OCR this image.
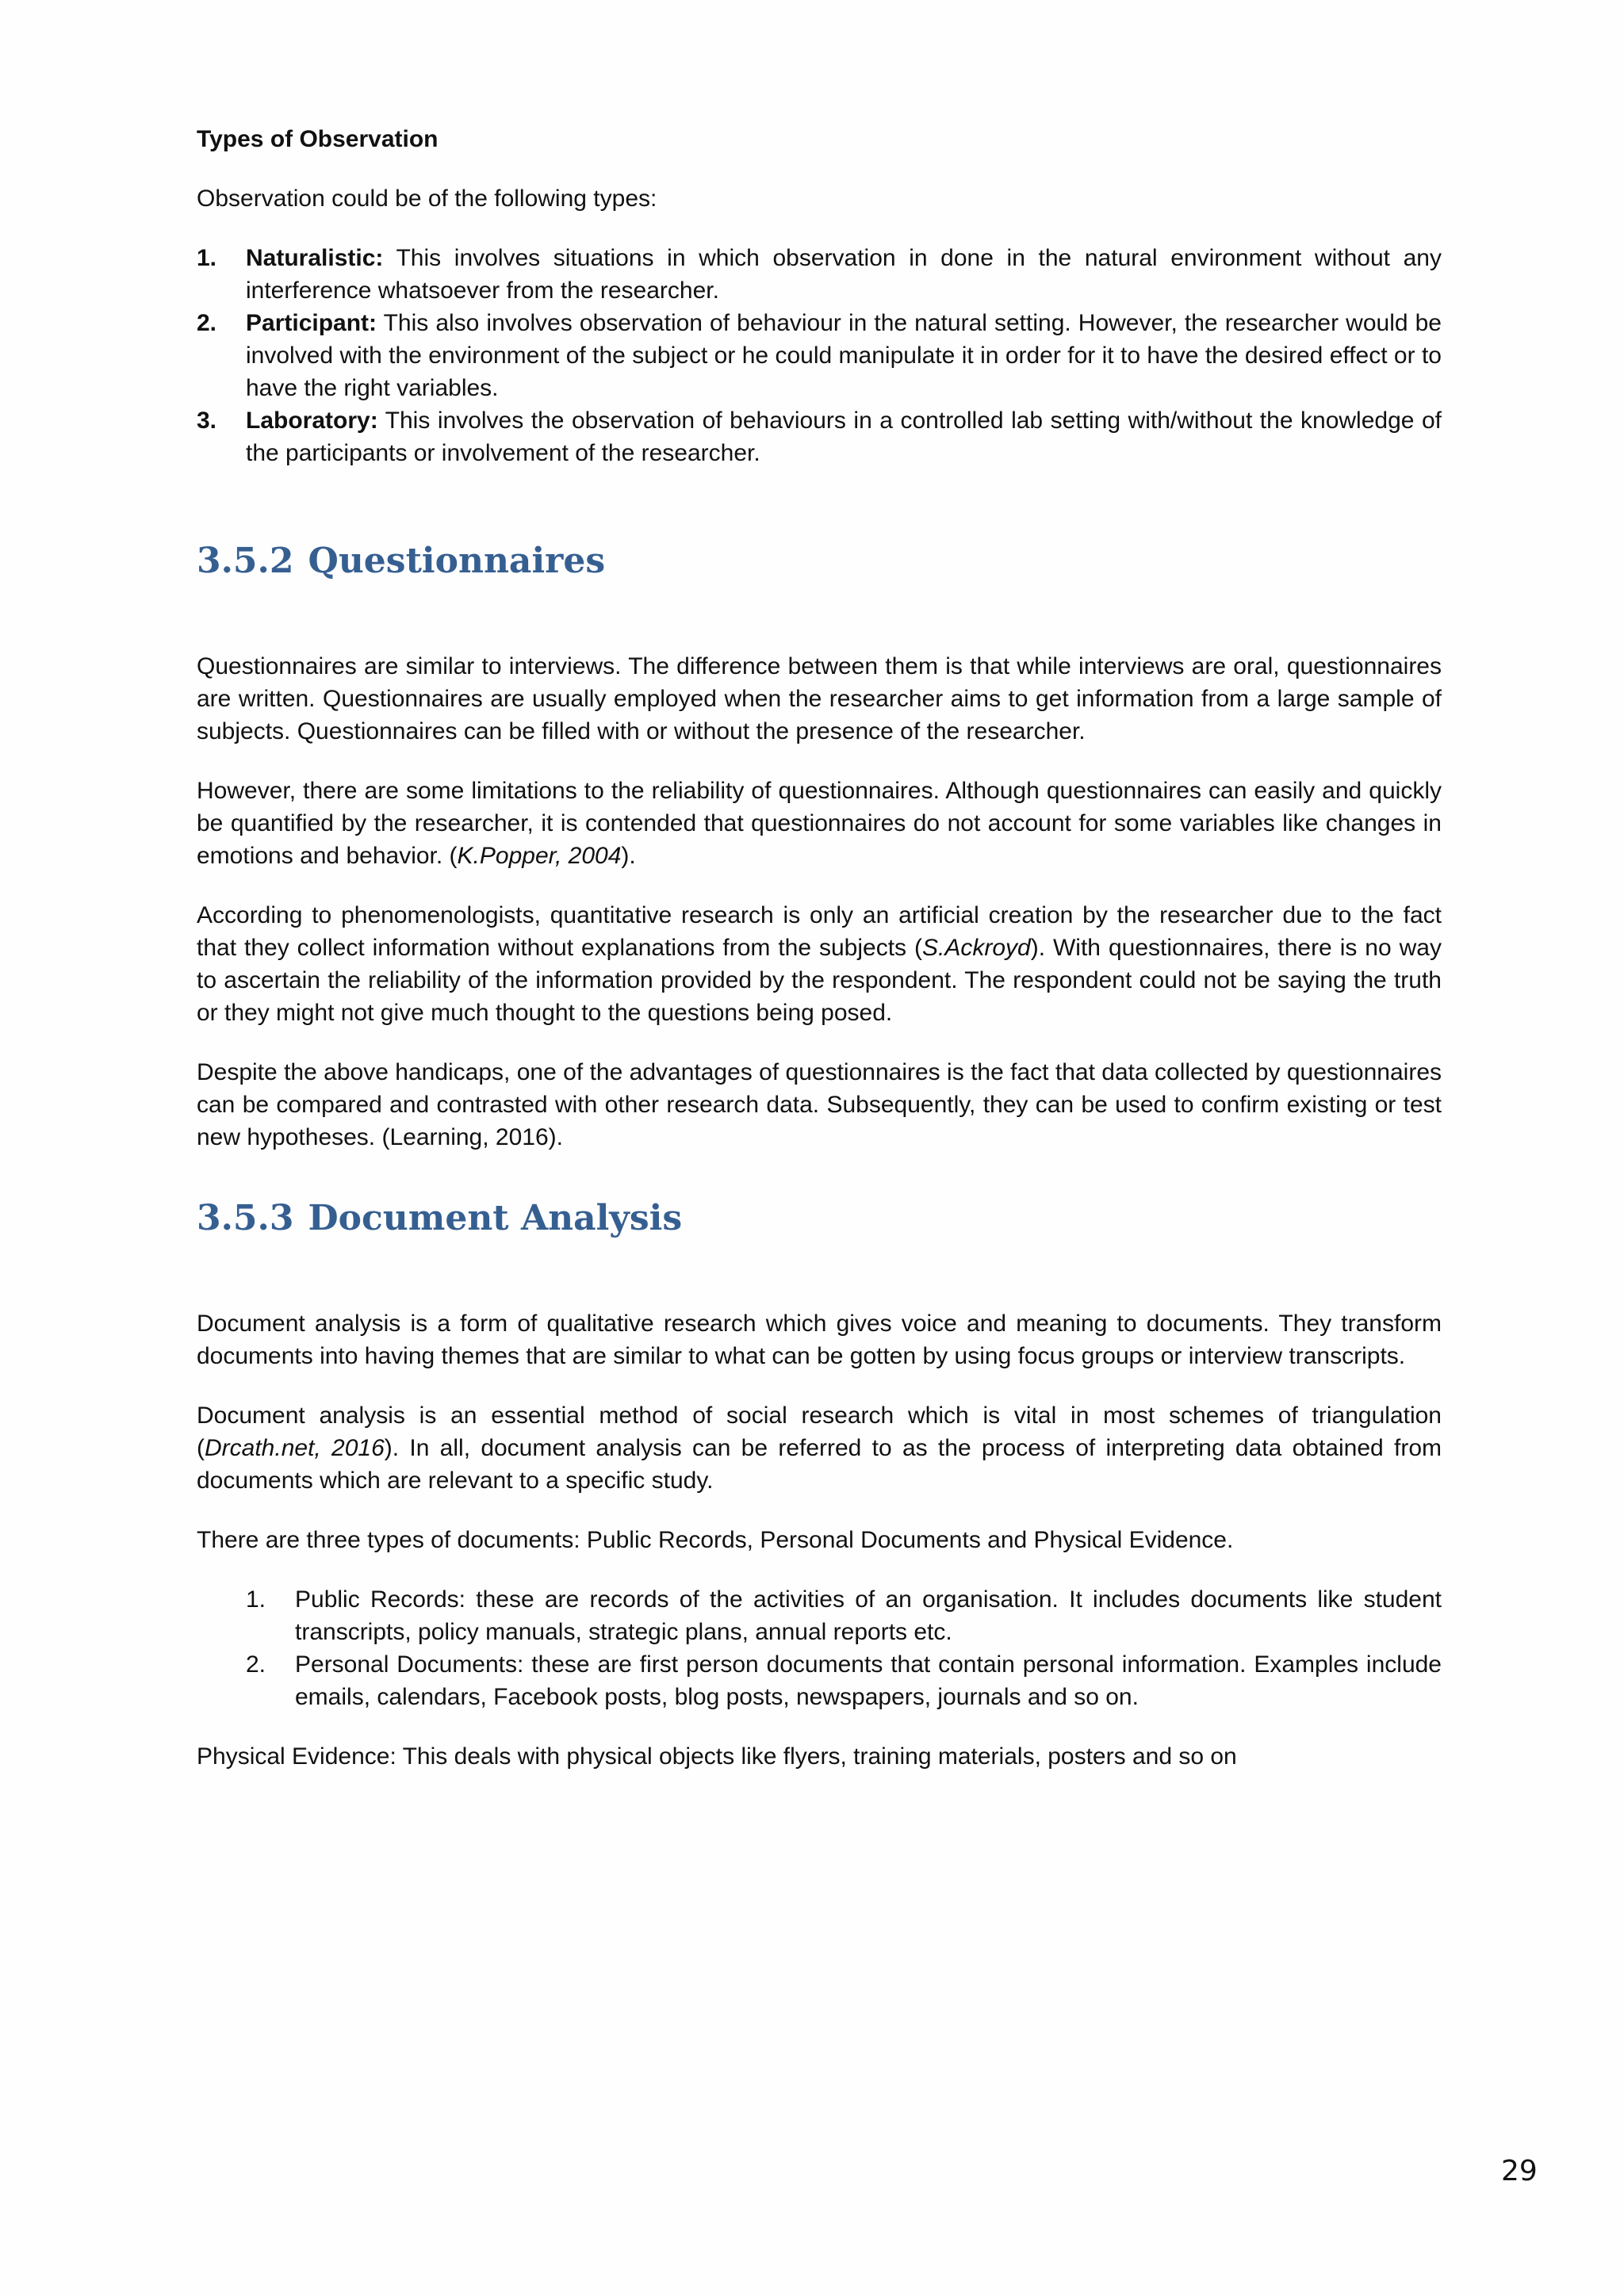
Types of Observation

Observation could be of the following types:

1. Naturalistic: This involves situations in which observation in done in the natural environment without any interference whatsoever from the researcher.
2. Participant: This also involves observation of behaviour in the natural setting. However, the researcher would be involved with the environment of the subject or he could manipulate it in order for it to have the desired effect or to have the right variables.
3. Laboratory: This involves the observation of behaviours in a controlled lab setting with/without the knowledge of the participants or involvement of the researcher.
3.5.2 Questionnaires

Questionnaires are similar to interviews. The difference between them is that while interviews are oral, questionnaires are written. Questionnaires are usually employed when the researcher aims to get information from a large sample of subjects. Questionnaires can be filled with or without the presence of the researcher.

However, there are some limitations to the reliability of questionnaires. Although questionnaires can easily and quickly be quantified by the researcher, it is contended that questionnaires do not account for some variables like changes in emotions and behavior. (K.Popper, 2004).

According to phenomenologists, quantitative research is only an artificial creation by the researcher due to the fact that they collect information without explanations from the subjects (S.Ackroyd). With questionnaires, there is no way to ascertain the reliability of the information provided by the respondent. The respondent could not be saying the truth or they might not give much thought to the questions being posed.

Despite the above handicaps, one of the advantages of questionnaires is the fact that data collected by questionnaires can be compared and contrasted with other research data. Subsequently, they can be used to confirm existing or test new hypotheses. (Learning, 2016).

3.5.3 Document Analysis

Document analysis is a form of qualitative research which gives voice and meaning to documents. They transform documents into having themes that are similar to what can be gotten by using focus groups or interview transcripts.

Document analysis is an essential method of social research which is vital in most schemes of triangulation (Drcath.net, 2016). In all, document analysis can be referred to as the process of interpreting data obtained from documents which are relevant to a specific study.

There are three types of documents: Public Records, Personal Documents and Physical Evidence.

1. Public Records: these are records of the activities of an organisation. It includes documents like student transcripts, policy manuals, strategic plans, annual reports etc.
2. Personal Documents: these are first person documents that contain personal information. Examples include emails, calendars, Facebook posts, blog posts, newspapers, journals and so on.

Physical Evidence: This deals with physical objects like flyers, training materials, posters and so on

29
